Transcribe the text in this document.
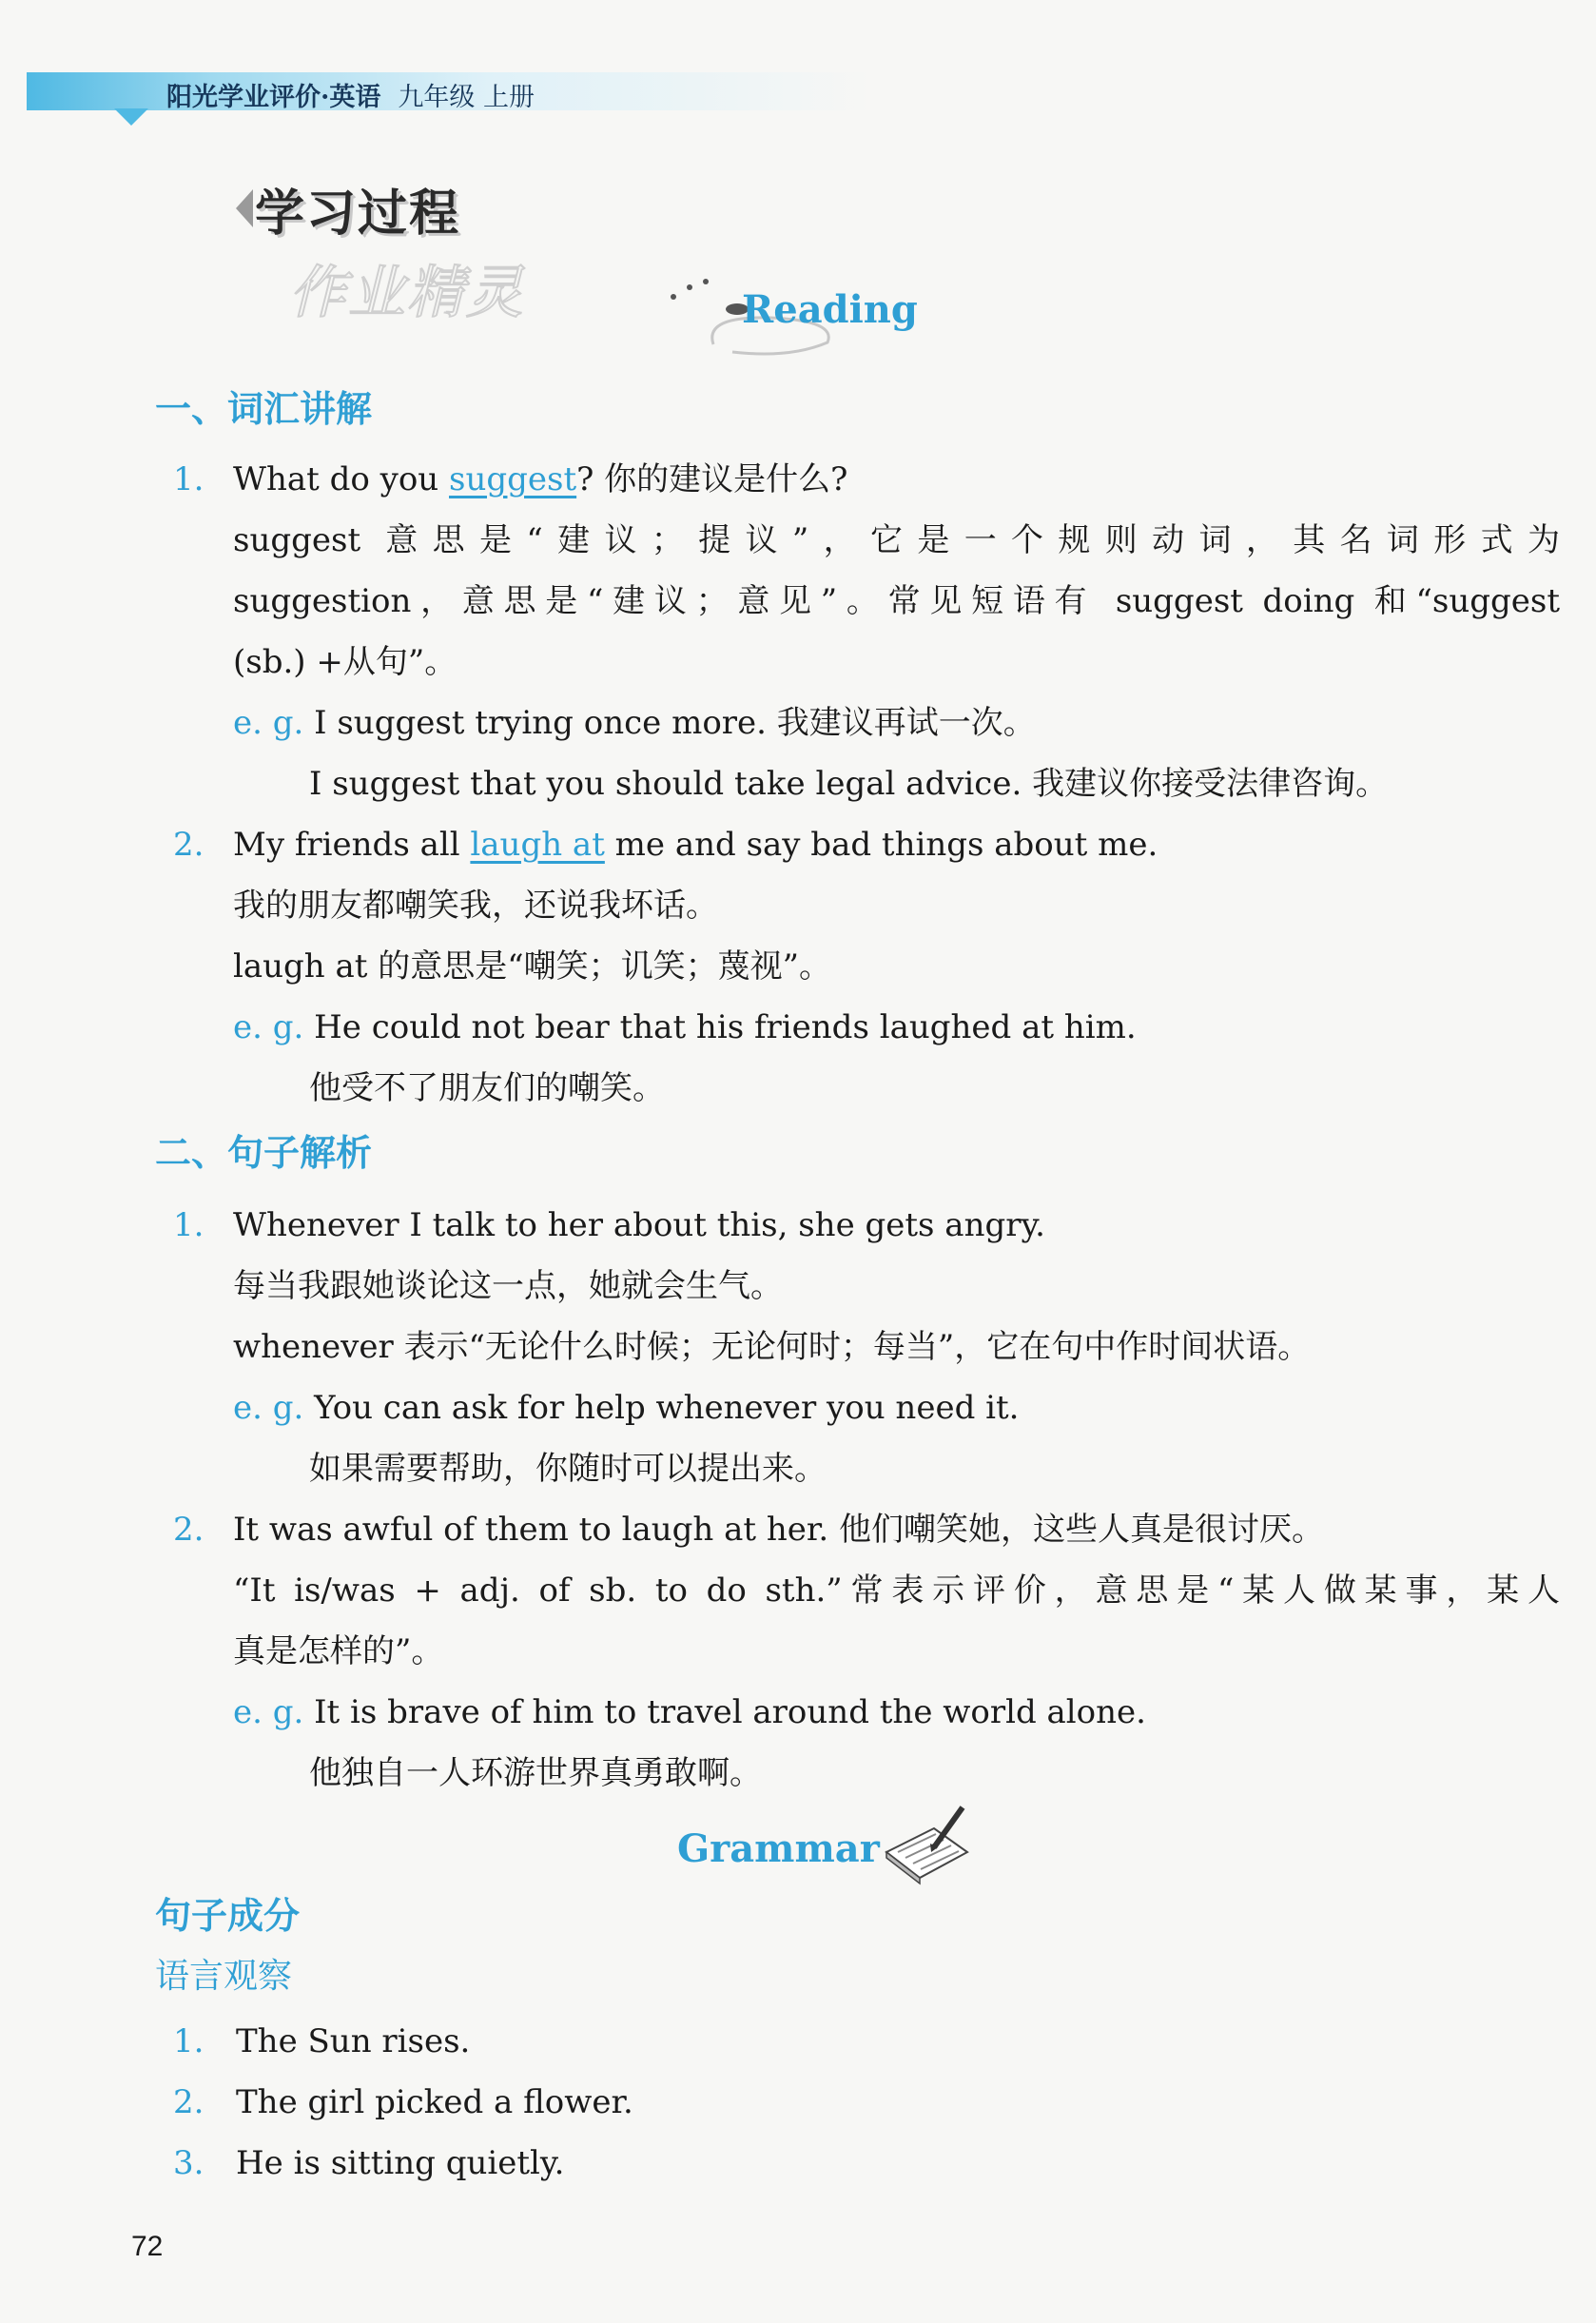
阳光学业评价·英语 九年级 上册
学习过程
作业精灵	Reading
一、词汇讲解
1. What do you suggest? 你的建议是什么?
suggest 意思是“建议；提议”，它是一个规则动词，其名词形式为
suggestion，意思是“建议；意见”。常见短语有 suggest doing 和“suggest
(sb.) +从句”。
e. g. I suggest trying once more. 我建议再试一次。
I suggest that you should take legal advice. 我建议你接受法律咨询。
2. My friends all laugh at me and say bad things about me.
我的朋友都嘲笑我，还说我坏话。
laugh at 的意思是“嘲笑；讥笑；蔑视”。
e. g. He could not bear that his friends laughed at him.
他受不了朋友们的嘲笑。
二、句子解析
1. Whenever I talk to her about this, she gets angry.
每当我跟她谈论这一点，她就会生气。
whenever 表示“无论什么时候；无论何时；每当”，它在句中作时间状语。
e. g. You can ask for help whenever you need it.
如果需要帮助，你随时可以提出来。
2. It was awful of them to laugh at her. 他们嘲笑她，这些人真是很讨厌。
“It is/was + adj. of sb. to do sth.”常表示评价，意思是“某人做某事，某人
真是怎样的”。
e. g. It is brave of him to travel around the world alone.
他独自一人环游世界真勇敢啊。
Grammar
句子成分
语言观察
1. The Sun rises.
2. The girl picked a flower.
3. He is sitting quietly.
72
